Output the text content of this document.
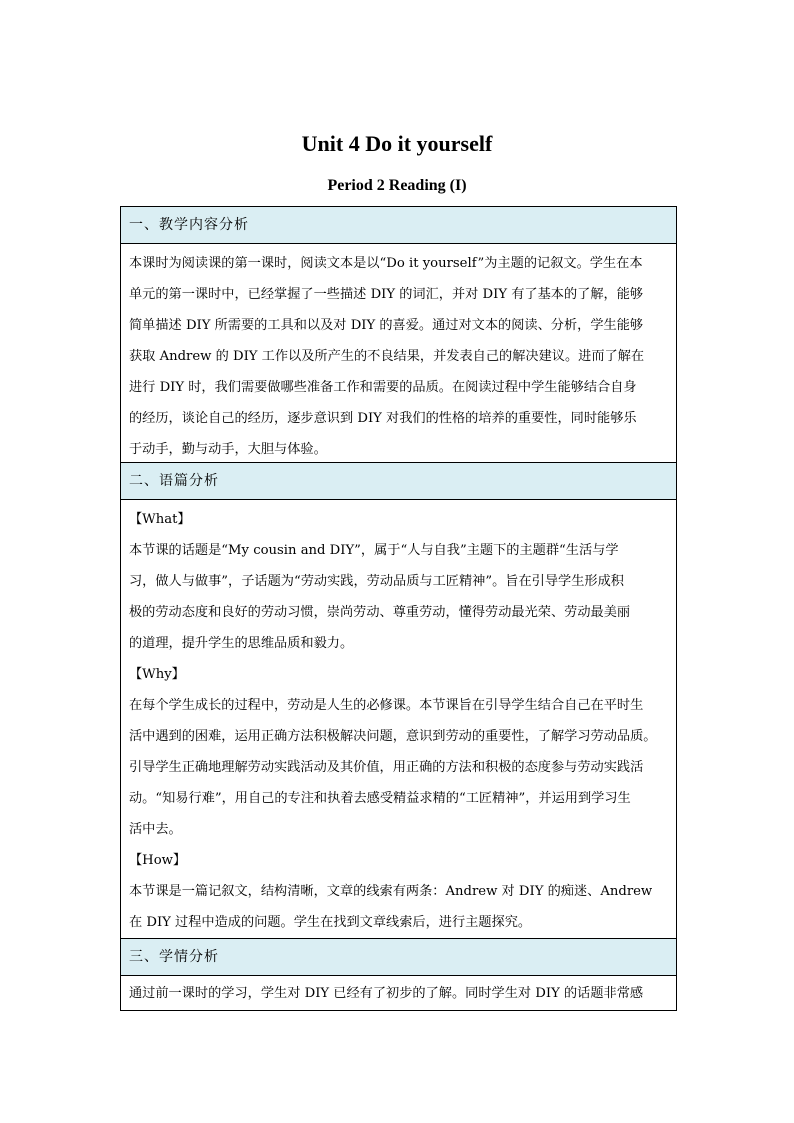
Unit 4 Do it yourself
Period 2 Reading (I)
一、教学内容分析
本课时为阅读课的第一课时，阅读文本是以“Do it yourself”为主题的记叙文。学生在本
单元的第一课时中，已经掌握了一些描述 DIY 的词汇，并对 DIY 有了基本的了解，能够
简单描述 DIY 所需要的工具和以及对 DIY 的喜爱。通过对文本的阅读、分析，学生能够
获取 Andrew 的 DIY 工作以及所产生的不良结果，并发表自己的解决建议。进而了解在
进行 DIY 时，我们需要做哪些准备工作和需要的品质。在阅读过程中学生能够结合自身
的经历，谈论自己的经历，逐步意识到 DIY 对我们的性格的培养的重要性，同时能够乐
于动手，勤与动手，大胆与体验。
二、语篇分析
【What】
本节课的话题是“My cousin and DIY”，属于“人与自我”主题下的主题群“生活与学
习，做人与做事”，子话题为“劳动实践，劳动品质与工匠精神”。旨在引导学生形成积
极的劳动态度和良好的劳动习惯，崇尚劳动、尊重劳动，懂得劳动最光荣、劳动最美丽
的道理，提升学生的思维品质和毅力。
【Why】
在每个学生成长的过程中，劳动是人生的必修课。本节课旨在引导学生结合自己在平时生
活中遇到的困难，运用正确方法积极解决问题，意识到劳动的重要性，了解学习劳动品质。
引导学生正确地理解劳动实践活动及其价值，用正确的方法和积极的态度参与劳动实践活
动。“知易行难”，用自己的专注和执着去感受精益求精的“工匠精神”，并运用到学习生
活中去。
【How】
本节课是一篇记叙文，结构清晰，文章的线索有两条：Andrew 对 DIY 的痴迷、Andrew
在 DIY 过程中造成的问题。学生在找到文章线索后，进行主题探究。
三、学情分析
通过前一课时的学习，学生对 DIY 已经有了初步的了解。同时学生对 DIY 的话题非常感
